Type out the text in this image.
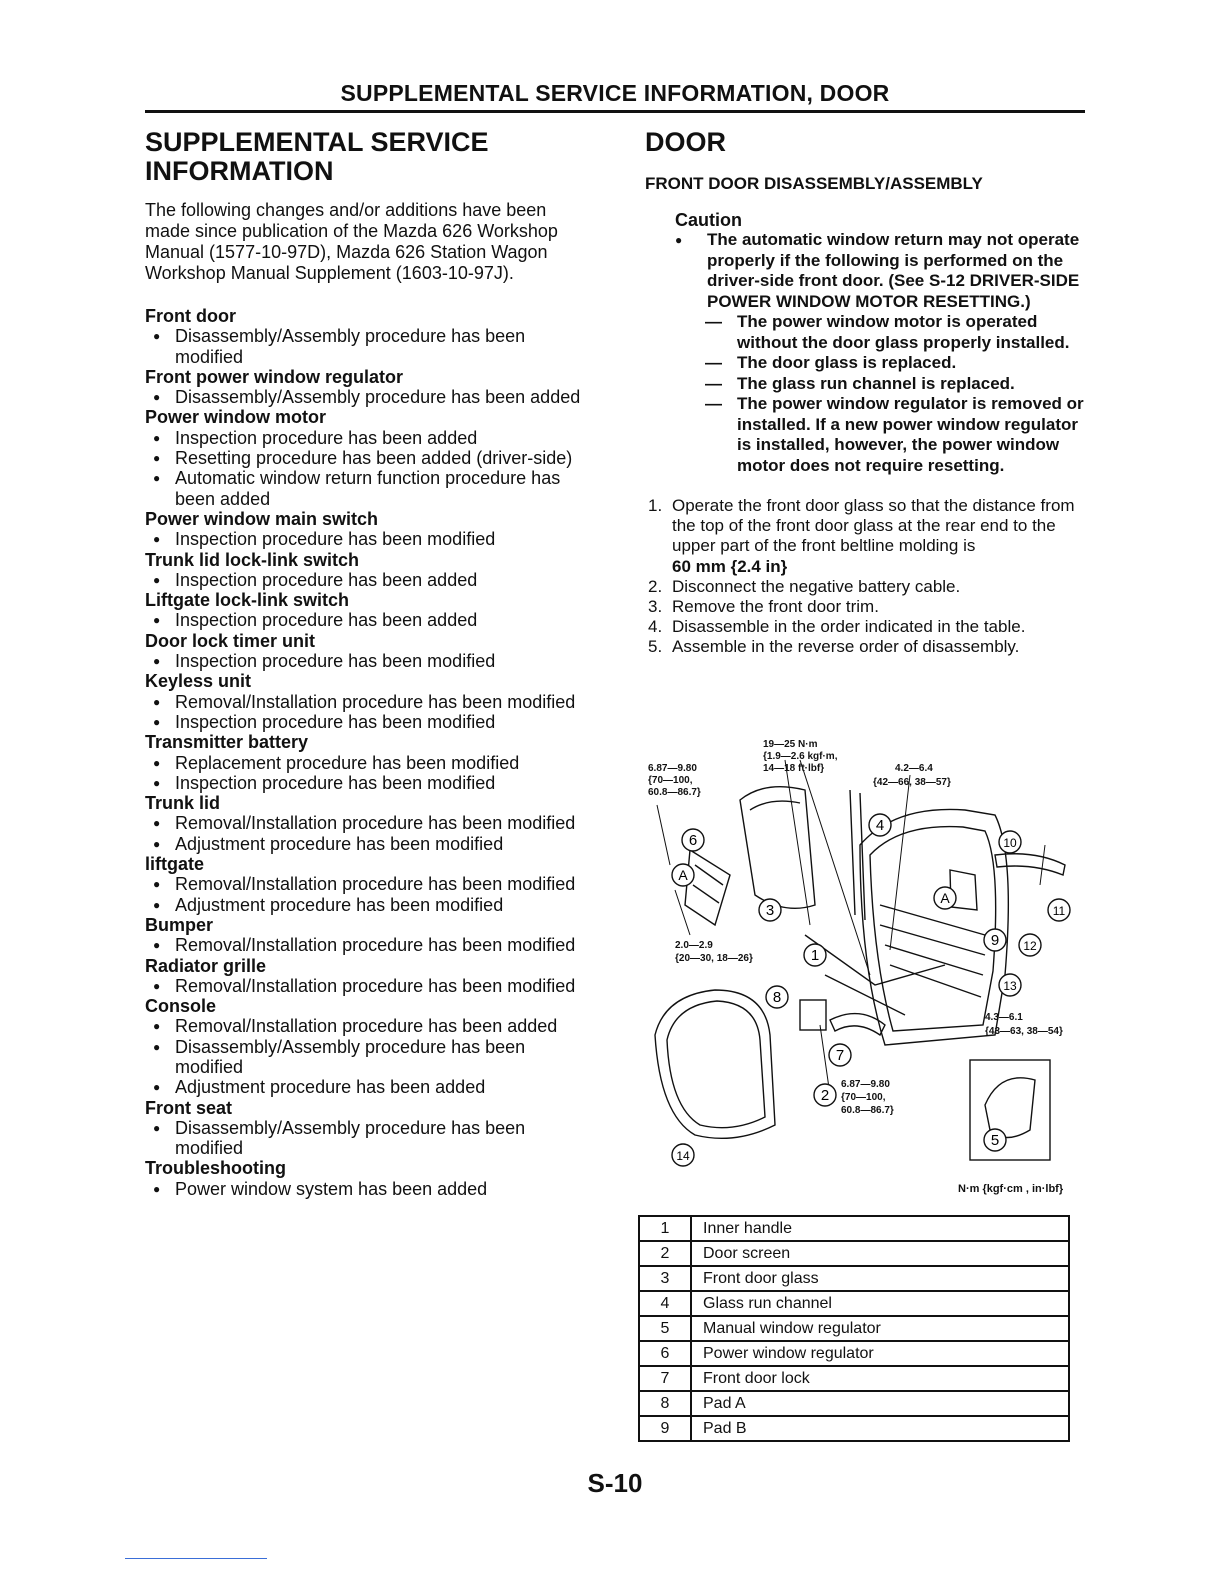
SUPPLEMENTAL SERVICE INFORMATION, DOOR
SUPPLEMENTAL SERVICE INFORMATION

The following changes and/or additions have been made since publication of the Mazda 626 Workshop Manual (1577-10-97D), Mazda 626 Station Wagon Workshop Manual Supplement (1603-10-97J).

Front door
● Disassembly/Assembly procedure has been modified
Front power window regulator
● Disassembly/Assembly procedure has been added
Power window motor
● Inspection procedure has been added
● Resetting procedure has been added (driver-side)
● Automatic window return function procedure has been added
Power window main switch
● Inspection procedure has been modified
Trunk lid lock-link switch
● Inspection procedure has been added
Liftgate lock-link switch
● Inspection procedure has been added
Door lock timer unit
● Inspection procedure has been modified
Keyless unit
● Removal/Installation procedure has been modified
● Inspection procedure has been modified
Transmitter battery
● Replacement procedure has been modified
● Inspection procedure has been modified
Trunk lid
● Removal/Installation procedure has been modified
● Adjustment procedure has been modified
liftgate
● Removal/Installation procedure has been modified
● Adjustment procedure has been modified
Bumper
● Removal/Installation procedure has been modified
Radiator grille
● Removal/Installation procedure has been modified
Console
● Removal/Installation procedure has been added
● Disassembly/Assembly procedure has been modified
● Adjustment procedure has been added
Front seat
● Disassembly/Assembly procedure has been modified
Troubleshooting
● Power window system has been added
DOOR
FRONT DOOR DISASSEMBLY/ASSEMBLY
Caution
● The automatic window return may not operate properly if the following is performed on the driver-side front door. (See S-12 DRIVER-SIDE POWER WINDOW MOTOR RESETTING.)
— The power window motor is operated without the door glass properly installed.
— The door glass is replaced.
— The glass run channel is replaced.
— The power window regulator is removed or installed. If a new power window regulator is installed, however, the power window motor does not require resetting.
1. Operate the front door glass so that the distance from the top of the front door glass at the rear end to the upper part of the front beltline molding is
60 mm {2.4 in}
2. Disconnect the negative battery cable.
3. Remove the front door trim.
4. Disassemble in the order indicated in the table.
5. Assemble in the reverse order of disassembly.
19—25 N·m
{1.9—2.6 kgf·m,
14—18 ft·lbf}
6.87—9.80
{70—100,
60.8—86.7}
4.2—6.4
{42—66, 38—57}
2.0—2.9
{20—30, 18—26}
4.3—6.1
{43—63, 38—54}
6.87—9.80
{70—100,
60.8—86.7}
1
2
3
4
5
6
7
8
9
10
11
12
13
14
A
A
N·m {kgf·cm , in·lbf}
1	Inner handle
2	Door screen
3	Front door glass
4	Glass run channel
5	Manual window regulator
6	Power window regulator
7	Front door lock
8	Pad A
9	Pad B
S-10
